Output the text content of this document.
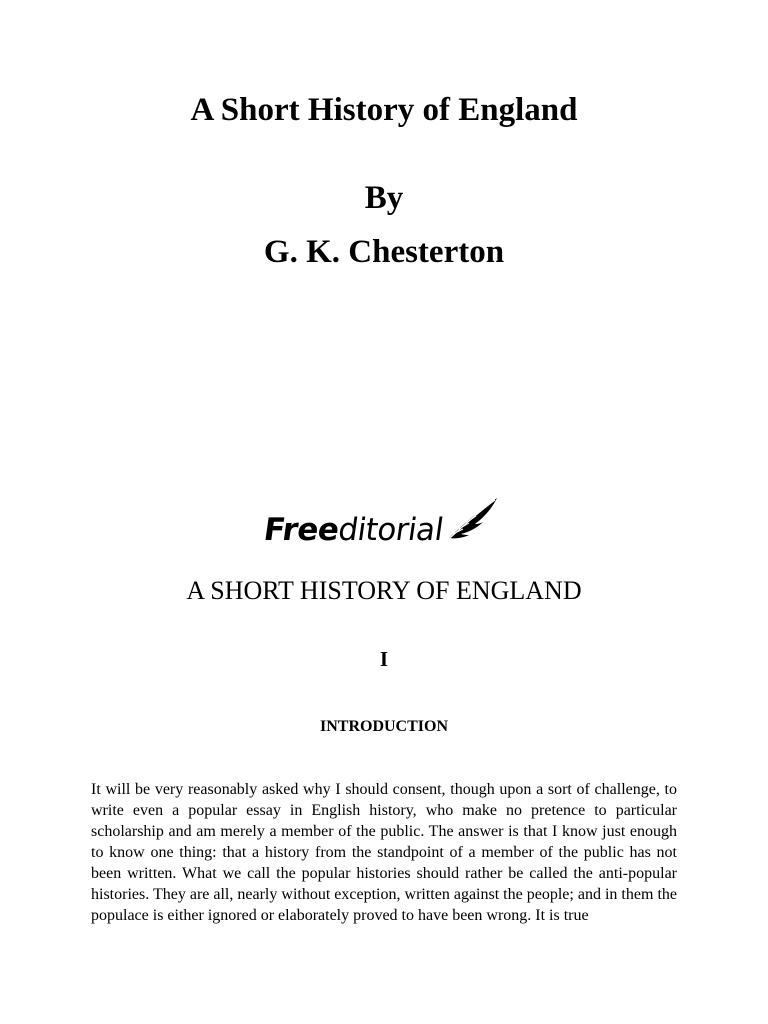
A Short History of England
By
G. K. Chesterton
Freeditorial
A SHORT HISTORY OF ENGLAND
I
INTRODUCTION

It will be very reasonably asked why I should consent, though upon a sort of challenge, to write even a popular essay in English history, who make no pretence to particular scholarship and am merely a member of the public. The answer is that I know just enough to know one thing: that a history from the standpoint of a member of the public has not been written. What we call the popular histories should rather be called the anti-popular histories. They are all, nearly without exception, written against the people; and in them the populace is either ignored or elaborately proved to have been wrong. It is true
